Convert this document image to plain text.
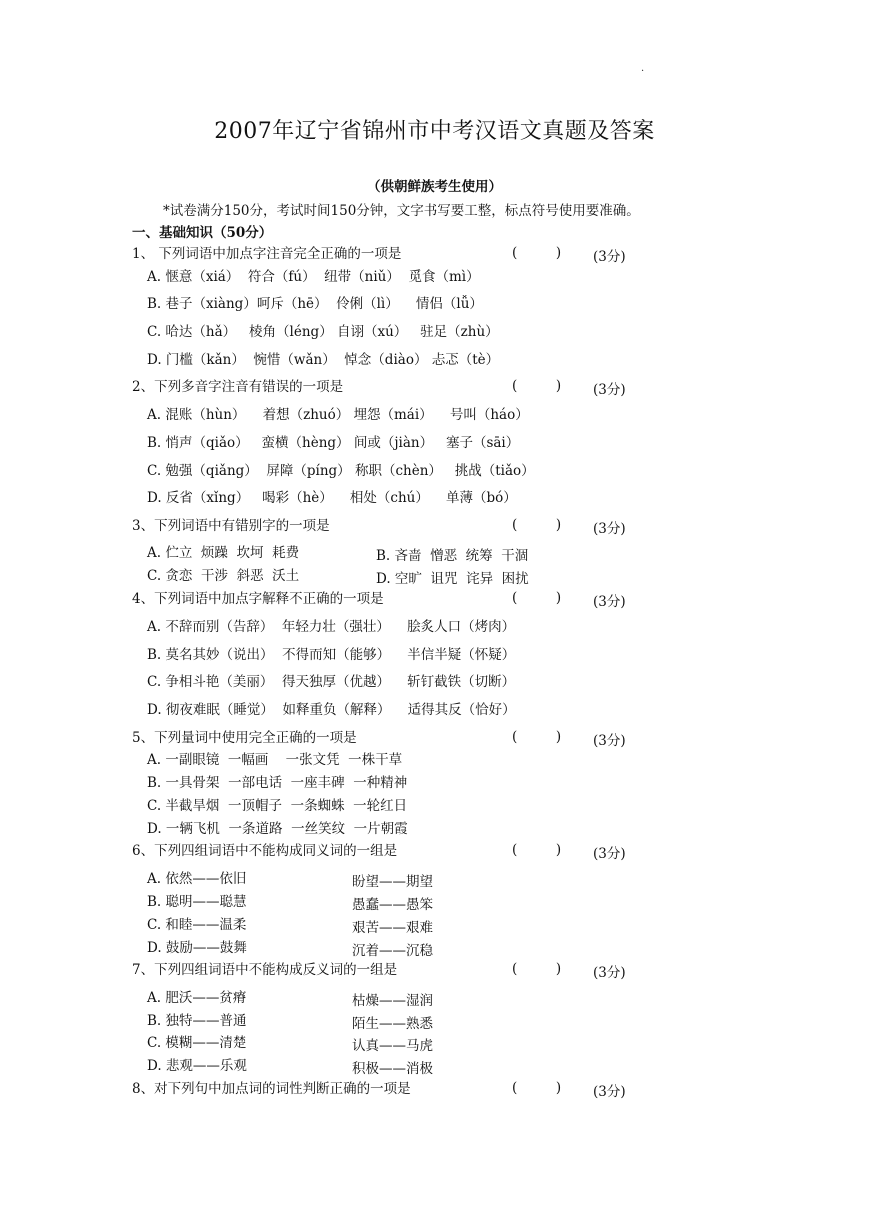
·
2007年辽宁省锦州市中考汉语文真题及答案
（供朝鲜族考生使用）
*试卷满分150分，考试时间150分钟，文字书写要工整，标点符号使用要准确。
一、基础知识（50分）
1、 下列词语中加点字注音完全正确的一项是	(         ) (3分)
A. 惬意（xiá）  符合（fú）  纽带（niǔ）  觅食（mì）
B. 巷子（xiàng）呵斥（hē）  伶俐（lì）    情侣（lǚ）
C. 哈达（hǎ）   棱角（léng） 自诩（xú）   驻足（zhù）
D. 门槛（kǎn）  惋惜（wǎn）  悼念（diào） 忐忑（tè）
2、下列多音字注音有错误的一项是	(         ) (3分)
A. 混账（hùn）    着想（zhuó） 埋怨（mái）    号叫（háo）
B. 悄声（qiǎo）   蛮横（hèng） 间或（jiàn）   塞子（sāi）
C. 勉强（qiǎng）  屏障（píng） 称职（chèn）   挑战（tiǎo）
D. 反省（xǐng）   喝彩（hè）    相处（chú）    单薄（bó）
3、下列词语中有错别字的一项是	(         ) (3分)
A. 伫立  烦躁  坎坷  耗费	B. 吝啬  憎恶  统筹  干涸
C. 贪恋  干涉  斜恶  沃土	D. 空旷  诅咒  诧异  困扰
4、下列词语中加点字解释不正确的一项是	(         ) (3分)
A. 不辞而别（告辞）  年轻力壮（强壮）    脍炙人口（烤肉）
B. 莫名其妙（说出）  不得而知（能够）    半信半疑（怀疑）
C. 争相斗艳（美丽）  得天独厚（优越）    斩钉截铁（切断）
D. 彻夜难眠（睡觉）  如释重负（解释）    适得其反（恰好）
5、下列量词中使用完全正确的一项是	(         ) (3分)
A. 一副眼镜  一幅画    一张文凭  一株干草
B. 一具骨架  一部电话  一座丰碑  一种精神
C. 半截旱烟  一顶帽子  一条蜘蛛  一轮红日
D. 一辆飞机  一条道路  一丝笑纹  一片朝霞
6、下列四组词语中不能构成同义词的一组是	(         ) (3分)
A. 依然——依旧	盼望——期望
B. 聪明——聪慧	愚蠢——愚笨
C. 和睦——温柔	艰苦——艰难
D. 鼓励——鼓舞	沉着——沉稳
7、下列四组词语中不能构成反义词的一组是	(         ) (3分)
A. 肥沃——贫瘠	枯燥——湿润
B. 独特——普通	陌生——熟悉
C. 模糊——清楚	认真——马虎
D. 悲观——乐观	积极——消极
8、对下列句中加点词的词性判断正确的一项是	(         ) (3分)
